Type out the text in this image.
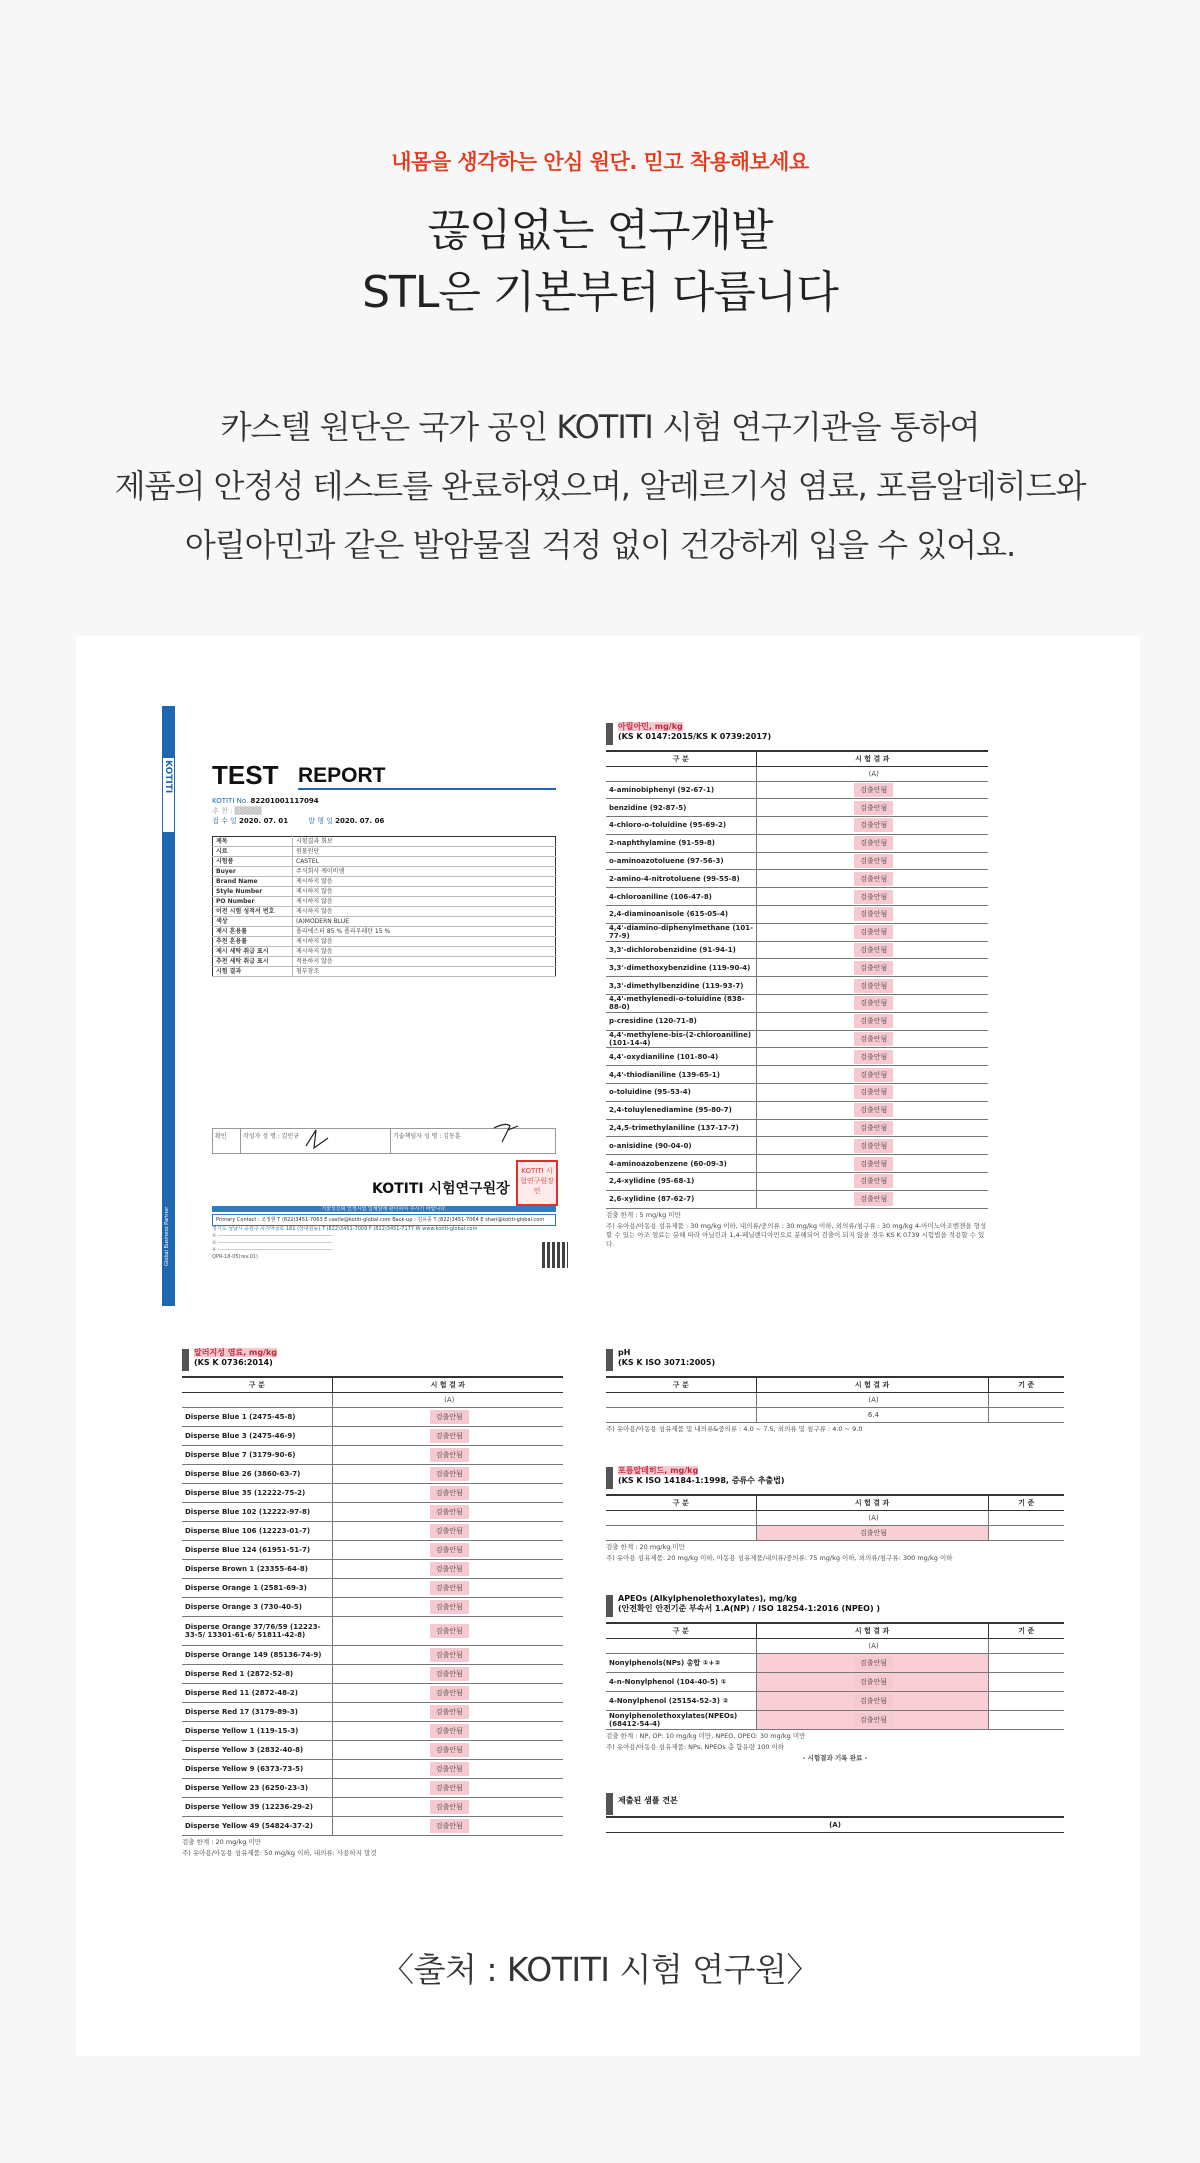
내몸을 생각하는 안심 원단. 믿고 착용해보세요
끊임없는 연구개발
STL은 기본부터 다릅니다
카스텔 원단은 국가 공인 KOTITI 시험 연구기관을 통하여
제품의 안정성 테스트를 완료하였으며, 알레르기성 염료, 포름알데히드와
아릴아민과 같은 발암물질 걱정 없이 건강하게 입을 수 있어요.
KOTITI
Global Business Partner
TEST REPORT
KOTITI No. 82201001117094
추 천 : ▒▒▒▒▒
접 수 일 2020. 07. 01	발 행 일 2020. 07. 06
제목	시험결과 회보
시료	원물원단
시험품	CASTEL
Buyer	주식회사 캐이비엠
Brand Name	제시하지 않음
Style Number	제시하지 않음
PO Number	제시하지 않음
이전 시험 성적서 번호	제시하지 않음
색상	(A)MODERN BLUE
제시 혼용률	폴리에스터 85 % 폴리우레탄 15 %
추천 혼용률	제시하지 않음
제시 세탁 취급 표시	제시하지 않음
추천 세탁 취급 표시	적용하지 않음
시험 결과	첨부참조
확인	작성자 성 명 : 김민규	기술책임자 성 명 : 김동훈
KOTITI 시험연구원장
KOTITI 시험연구원장인
기술성신뢰 인정시험 업체임에 판이하여 주시기 바랍니다.
Primary Contact : 조정현 T (822)3451-7063 E castle@kotiti-global.com Back-up : 김유종 T (822)3451-7064 E shari@kotiti-global.com
경기도 성남시 중원구 사기막골로 161 (상대원동) T (822)3451-7009 F (822)3451-7177 W www.kotiti-global.com
※ ──────────────────────────────────────
※ ──────────────────────────────────────
※ ──────────────────────────────────────
QPR-18-05(rev.01)
아릴아민, mg/kg
(KS K 0147:2015/KS K 0739:2017)
구 분	시 험 결 과
	(A)
4-aminobiphenyl (92-67-1)	검출안됨
benzidine (92-87-5)	검출안됨
4-chloro-o-toluidine (95-69-2)	검출안됨
2-naphthylamine (91-59-8)	검출안됨
o-aminoazotoluene (97-56-3)	검출안됨
2-amino-4-nitrotoluene (99-55-8)	검출안됨
4-chloroaniline (106-47-8)	검출안됨
2,4-diaminoanisole (615-05-4)	검출안됨
4,4'-diamino-diphenylmethane (101-77-9)	검출안됨
3,3'-dichlorobenzidine (91-94-1)	검출안됨
3,3'-dimethoxybenzidine (119-90-4)	검출안됨
3,3'-dimethylbenzidine (119-93-7)	검출안됨
4,4'-methylenedi-o-toluidine (838-88-0)	검출안됨
p-cresidine (120-71-8)	검출안됨
4,4'-methylene-bis-(2-chloroaniline) (101-14-4)	검출안됨
4,4'-oxydianiline (101-80-4)	검출안됨
4,4'-thiodianiline (139-65-1)	검출안됨
o-toluidine (95-53-4)	검출안됨
2,4-toluylenediamine (95-80-7)	검출안됨
2,4,5-trimethylaniline (137-17-7)	검출안됨
o-anisidine (90-04-0)	검출안됨
4-aminoazobenzene (60-09-3)	검출안됨
2,4-xylidine (95-68-1)	검출안됨
2,6-xylidine (87-62-7)	검출안됨
검출 한계 : 5 mg/kg 미만
주) 유아용/아동용 섬유제품 : 30 mg/kg 이하, 내의류/중의류 : 30 mg/kg 이하, 외의류/침구류 : 30 mg/kg 4-아미노아조벤젠을 형성할 수 있는 아조 염료는 분해 따라 아닐린과 1,4-페닐렌디아민으로 분해되어 검출이 되지 않을 경우 KS K 0739 시험법을 적용할 수 있다.
알러지성 염료, mg/kg
(KS K 0736:2014)
구 분	시 험 결 과
	(A)
Disperse Blue 1 (2475-45-8)	검출안됨
Disperse Blue 3 (2475-46-9)	검출안됨
Disperse Blue 7 (3179-90-6)	검출안됨
Disperse Blue 26 (3860-63-7)	검출안됨
Disperse Blue 35 (12222-75-2)	검출안됨
Disperse Blue 102 (12222-97-8)	검출안됨
Disperse Blue 106 (12223-01-7)	검출안됨
Disperse Blue 124 (61951-51-7)	검출안됨
Disperse Brown 1 (23355-64-8)	검출안됨
Disperse Orange 1 (2581-69-3)	검출안됨
Disperse Orange 3 (730-40-5)	검출안됨
Disperse Orange 37/76/59 (12223-33-5/ 13301-61-6/ 51811-42-8)	검출안됨
Disperse Orange 149 (85136-74-9)	검출안됨
Disperse Red 1 (2872-52-8)	검출안됨
Disperse Red 11 (2872-48-2)	검출안됨
Disperse Red 17 (3179-89-3)	검출안됨
Disperse Yellow 1 (119-15-3)	검출안됨
Disperse Yellow 3 (2832-40-8)	검출안됨
Disperse Yellow 9 (6373-73-5)	검출안됨
Disperse Yellow 23 (6250-23-3)	검출안됨
Disperse Yellow 39 (12236-29-2)	검출안됨
Disperse Yellow 49 (54824-37-2)	검출안됨
검출 한계 : 20 mg/kg 미만
주) 유아용/아동용 섬유제품: 50 mg/kg 이하, 내의류: 사용하지 말것
pH
(KS K ISO 3071:2005)
구 분	시 험 결 과	기 준
	(A)	
	6.4	
주) 유아용/아동용 섬유제품 및 내의류&중의류 : 4.0 ~ 7.5, 외의류 및 침구류 : 4.0 ~ 9.0
포름알데히드, mg/kg
(KS K ISO 14184-1:1998, 증류수 추출법)
구 분	시 험 결 과	기 준
	(A)	
	검출안됨	
검출 한계 : 20 mg/kg 미만
주) 유아용 섬유제품: 20 mg/kg 이하, 아동용 섬유제품/내의류/중의류: 75 mg/kg 이하, 외의류/침구류: 300 mg/kg 이하
APEOs (Alkylphenolethoxylates), mg/kg
(안전확인 안전기준 부속서 1.A(NP) / ISO 18254-1:2016 (NPEO) )
구 분	시 험 결 과	기 준
	(A)	
Nonylphenols(NPs) 총합 ①+②	검출안됨	
4-n-Nonylphenol (104-40-5) ①	검출안됨	
4-Nonylphenol (25154-52-3) ②	검출안됨	
Nonylphenolethoxylates(NPEOs) (68412-54-4)	검출안됨	
검출 한계 : NP, OP: 10 mg/kg 미만, NPEO, OPEO: 30 mg/kg 미만
주) 유아용/아동용 섬유제품: NPs, NPEOs 총 함유량 100 이하
- 시험결과 기록 완료 -
제출된 샘플 견본
(A)
〈출처 : KOTITI 시험 연구원〉
